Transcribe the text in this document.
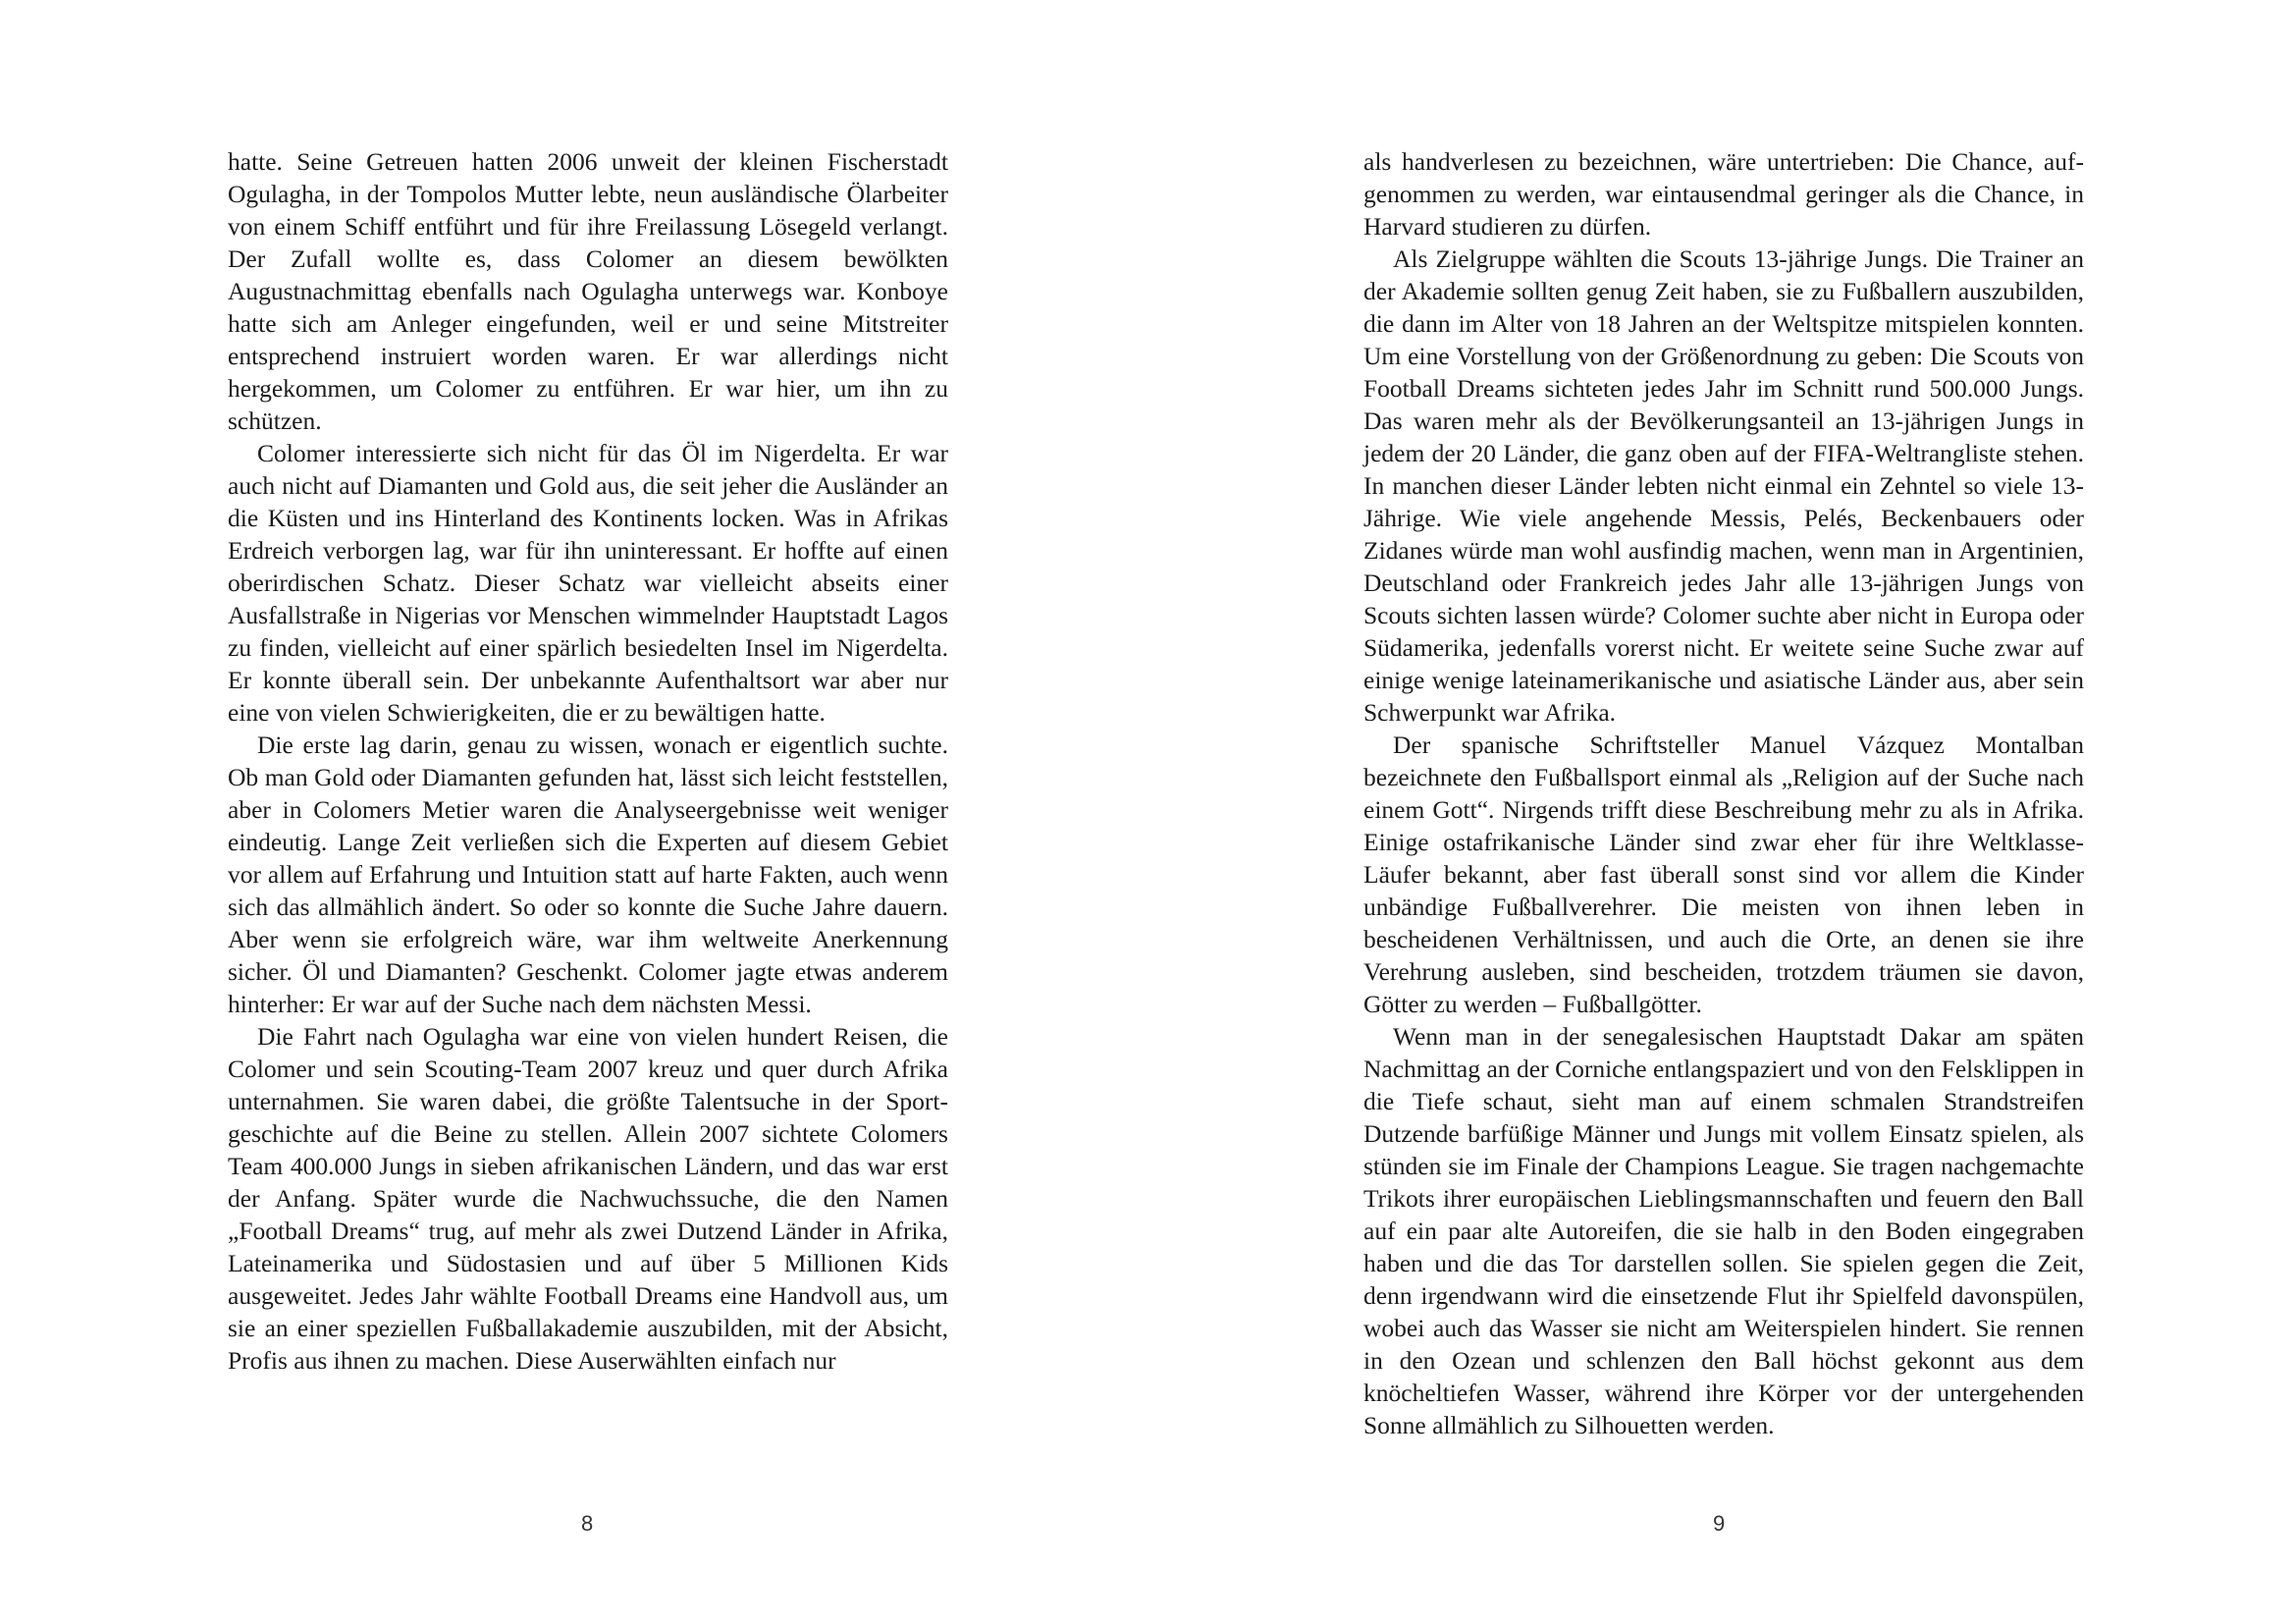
hatte. Seine Getreuen hatten 2006 unweit der kleinen Fischerstadt Ogulagha, in der Tompolos Mutter lebte, neun ausländische Ölarbeiter von einem Schiff entführt und für ihre Freilassung Lösegeld verlangt. Der Zufall wollte es, dass Colomer an diesem bewölkten Augustnachmittag ebenfalls nach Ogulagha unterwegs war. Konboye hatte sich am Anleger eingefunden, weil er und seine Mitstreiter entsprechend instruiert worden waren. Er war allerdings nicht hergekommen, um Colomer zu entführen. Er war hier, um ihn zu schützen.

Colomer interessierte sich nicht für das Öl im Nigerdelta. Er war auch nicht auf Diamanten und Gold aus, die seit jeher die Ausländer an die Küsten und ins Hinterland des Kontinents locken. Was in Afrikas Erdreich verborgen lag, war für ihn uninteressant. Er hoffte auf einen oberirdischen Schatz. Dieser Schatz war vielleicht abseits einer Ausfallstraße in Nigerias vor Menschen wimmelnder Hauptstadt Lagos zu finden, vielleicht auf einer spärlich besiedelten Insel im Nigerdelta. Er konnte überall sein. Der unbekannte Aufenthaltsort war aber nur eine von vielen Schwierigkeiten, die er zu bewältigen hatte.

Die erste lag darin, genau zu wissen, wonach er eigentlich suchte. Ob man Gold oder Diamanten gefunden hat, lässt sich leicht feststellen, aber in Colomers Metier waren die Analyseergebnisse weit weniger eindeutig. Lange Zeit verließen sich die Experten auf diesem Gebiet vor allem auf Erfahrung und Intuition statt auf harte Fakten, auch wenn sich das allmählich ändert. So oder so konnte die Suche Jahre dauern. Aber wenn sie erfolgreich wäre, war ihm weltweite Anerkennung sicher. Öl und Diamanten? Geschenkt. Colomer jagte etwas anderem hinterher: Er war auf der Suche nach dem nächsten Messi.

Die Fahrt nach Ogulagha war eine von vielen hundert Reisen, die Colomer und sein Scouting-Team 2007 kreuz und quer durch Afrika unternahmen. Sie waren dabei, die größte Talentsuche in der Sportgeschichte auf die Beine zu stellen. Allein 2007 sichtete Colomers Team 400.000 Jungs in sieben afrikanischen Ländern, und das war erst der Anfang. Später wurde die Nachwuchssuche, die den Namen „Football Dreams“ trug, auf mehr als zwei Dutzend Länder in Afrika, Lateinamerika und Südostasien und auf über 5 Millionen Kids ausgeweitet. Jedes Jahr wählte Football Dreams eine Handvoll aus, um sie an einer speziellen Fußballakademie auszubilden, mit der Absicht, Profis aus ihnen zu machen. Diese Auserwählten einfach nur

8

als handverlesen zu bezeichnen, wäre untertrieben: Die Chance, aufgenommen zu werden, war eintausendmal geringer als die Chance, in Harvard studieren zu dürfen.

Als Zielgruppe wählten die Scouts 13-jährige Jungs. Die Trainer an der Akademie sollten genug Zeit haben, sie zu Fußballern auszubilden, die dann im Alter von 18 Jahren an der Weltspitze mitspielen konnten. Um eine Vorstellung von der Größenordnung zu geben: Die Scouts von Football Dreams sichteten jedes Jahr im Schnitt rund 500.000 Jungs. Das waren mehr als der Bevölkerungsanteil an 13-jährigen Jungs in jedem der 20 Länder, die ganz oben auf der FIFA-Weltrangliste stehen. In manchen dieser Länder lebten nicht einmal ein Zehntel so viele 13-Jährige. Wie viele angehende Messis, Pelés, Beckenbauers oder Zidanes würde man wohl ausfindig machen, wenn man in Argentinien, Deutschland oder Frankreich jedes Jahr alle 13-jährigen Jungs von Scouts sichten lassen würde? Colomer suchte aber nicht in Europa oder Südamerika, jedenfalls vorerst nicht. Er weitete seine Suche zwar auf einige wenige lateinamerikanische und asiatische Länder aus, aber sein Schwerpunkt war Afrika.

Der spanische Schriftsteller Manuel Vázquez Montalban bezeichnete den Fußballsport einmal als „Religion auf der Suche nach einem Gott“. Nirgends trifft diese Beschreibung mehr zu als in Afrika. Einige ostafrikanische Länder sind zwar eher für ihre Weltklasse-Läufer bekannt, aber fast überall sonst sind vor allem die Kinder unbändige Fußballverehrer. Die meisten von ihnen leben in bescheidenen Verhältnissen, und auch die Orte, an denen sie ihre Verehrung ausleben, sind bescheiden, trotzdem träumen sie davon, Götter zu werden – Fußballgötter.

Wenn man in der senegalesischen Hauptstadt Dakar am späten Nachmittag an der Corniche entlangspaziert und von den Felsklippen in die Tiefe schaut, sieht man auf einem schmalen Strandstreifen Dutzende barfüßige Männer und Jungs mit vollem Einsatz spielen, als stünden sie im Finale der Champions League. Sie tragen nachgemachte Trikots ihrer europäischen Lieblingsmannschaften und feuern den Ball auf ein paar alte Autoreifen, die sie halb in den Boden eingegraben haben und die das Tor darstellen sollen. Sie spielen gegen die Zeit, denn irgendwann wird die einsetzende Flut ihr Spielfeld davonspülen, wobei auch das Wasser sie nicht am Weiterspielen hindert. Sie rennen in den Ozean und schlenzen den Ball höchst gekonnt aus dem knöcheltiefen Wasser, während ihre Körper vor der untergehenden Sonne allmählich zu Silhouetten werden.

9
